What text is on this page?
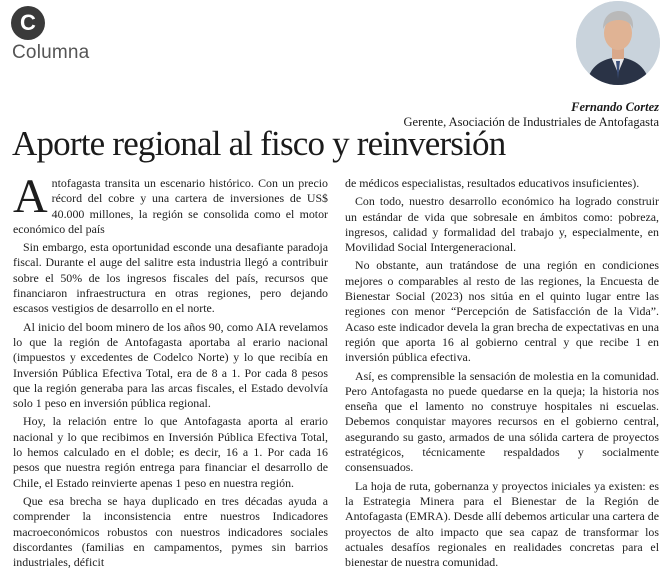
C
Columna
Fernando Cortez
Gerente, Asociación de Industriales de Antofagasta
Aporte regional al fisco y reinversión

Antofagasta transita un escenario histórico. Con un precio récord del cobre y una cartera de inversiones de US$ 40.000 millones, la región se consolida como el motor económico del país

Sin embargo, esta oportunidad esconde una desafiante paradoja fiscal. Durante el auge del salitre esta industria llegó a contribuir sobre el 50% de los ingresos fiscales del país, recursos que financiaron infraestructura en otras regiones, pero dejando escasos vestigios de desarrollo en el norte.

Al inicio del boom minero de los años 90, como AIA revelamos lo que la región de Antofagasta aportaba al erario nacional (impuestos y excedentes de Codelco Norte) y lo que recibía en Inversión Pública Efectiva Total, era de 8 a 1. Por cada 8 pesos que la región generaba para las arcas fiscales, el Estado devolvía solo 1 peso en inversión pública regional.

Hoy, la relación entre lo que Antofagasta aporta al erario nacional y lo que recibimos en Inversión Pública Efectiva Total, lo hemos calculado en el doble; es decir, 16 a 1. Por cada 16 pesos que nuestra región entrega para financiar el desarrollo de Chile, el Estado reinvierte apenas 1 peso en nuestra región.

Que esa brecha se haya duplicado en tres décadas ayuda a comprender la inconsistencia entre nuestros Indicadores macroeconómicos robustos con nuestros indicadores sociales discordantes (familias en campamentos, pymes sin barrios industriales, déficit

de médicos especialistas, resultados educativos insuficientes).

Con todo, nuestro desarrollo económico ha logrado construir un estándar de vida que sobresale en ámbitos como: pobreza, ingresos, calidad y formalidad del trabajo y, especialmente, en Movilidad Social Intergeneracional.

No obstante, aun tratándose de una región en condiciones mejores o comparables al resto de las regiones, la Encuesta de Bienestar Social (2023) nos sitúa en el quinto lugar entre las regiones con menor “Percepción de Satisfacción de la Vida”. Acaso este indicador devela la gran brecha de expectativas en una región que aporta 16 al gobierno central y que recibe 1 en inversión pública efectiva.

Así, es comprensible la sensación de molestia en la comunidad. Pero Antofagasta no puede quedarse en la queja; la historia nos enseña que el lamento no construye hospitales ni escuelas. Debemos conquistar mayores recursos en el gobierno central, asegurando su gasto, armados de una sólida cartera de proyectos estratégicos, técnicamente respaldados y socialmente consensuados.

La hoja de ruta, gobernanza y proyectos iniciales ya existen: es la Estrategia Minera para el Bienestar de la Región de Antofagasta (EMRA). Desde allí debemos articular una cartera de proyectos de alto impacto que sea capaz de transformar los actuales desafíos regionales en realidades concretas para el bienestar de nuestra comunidad.
